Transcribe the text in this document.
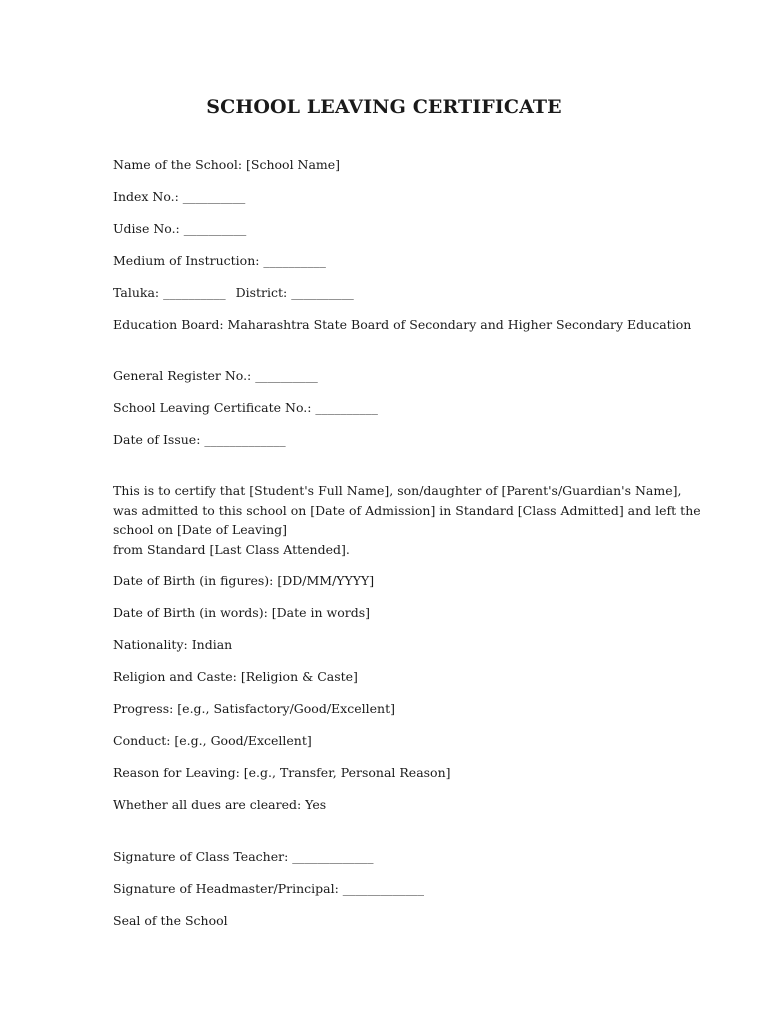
SCHOOL LEAVING CERTIFICATE
Name of the School: [School Name]
Index No.: __________
Udise No.: __________
Medium of Instruction: __________
Taluka: __________ District: __________
Education Board: Maharashtra State Board of Secondary and Higher Secondary Education
General Register No.: __________
School Leaving Certificate No.: __________
Date of Issue: _____________
This is to certify that [Student's Full Name], son/daughter of [Parent's/Guardian's Name],
was admitted to this school on [Date of Admission] in Standard [Class Admitted] and left the
school on [Date of Leaving]
from Standard [Last Class Attended].
Date of Birth (in figures): [DD/MM/YYYY]
Date of Birth (in words): [Date in words]
Nationality: Indian
Religion and Caste: [Religion & Caste]
Progress: [e.g., Satisfactory/Good/Excellent]
Conduct: [e.g., Good/Excellent]
Reason for Leaving: [e.g., Transfer, Personal Reason]
Whether all dues are cleared: Yes
Signature of Class Teacher: _____________
Signature of Headmaster/Principal: _____________
Seal of the School
